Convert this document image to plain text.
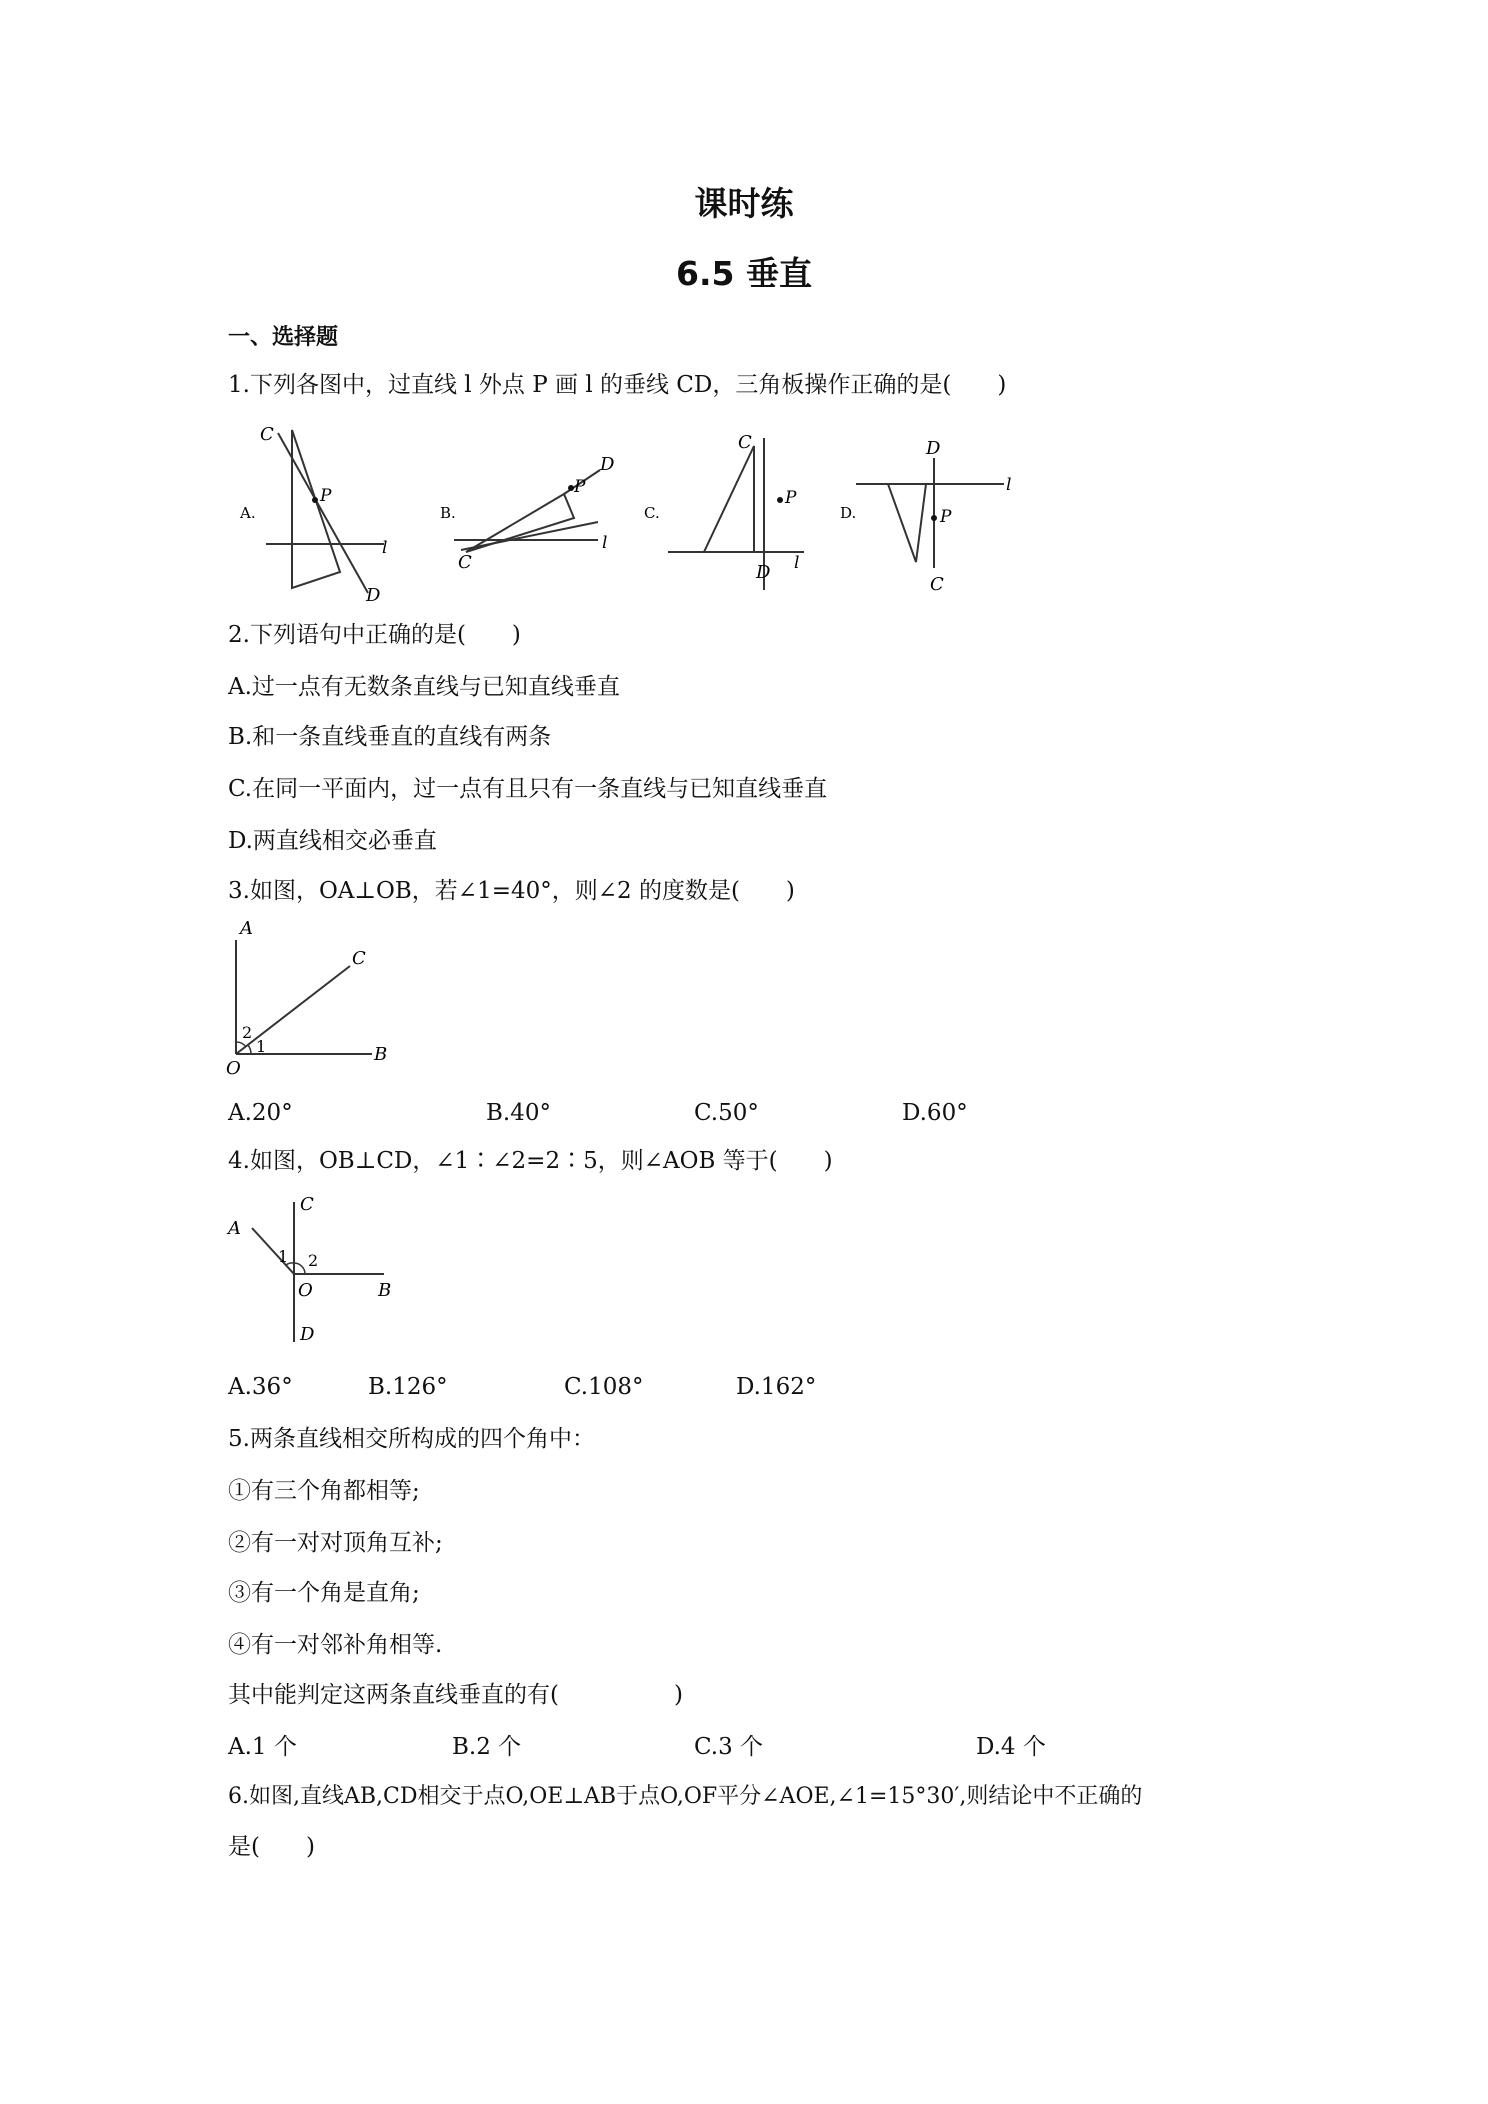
课时练
6.5 垂直
一、选择题
1.下列各图中，过直线 l 外点 P 画 l 的垂线 CD，三角板操作正确的是(　　)
A.
P
C
l
D
B.
P
D
C
l
C.
P
C
D l
D.	P
D
l
C
2.下列语句中正确的是(　　)
A.过一点有无数条直线与已知直线垂直
B.和一条直线垂直的直线有两条
C.在同一平面内，过一点有且只有一条直线与已知直线垂直
D.两直线相交必垂直
3.如图，OA⊥OB，若∠1=40°，则∠2 的度数是(　　)
A
C
O
B
2
1
A.20°	B.40°	C.50°	D.60°
4.如图，OB⊥CD，∠1∶∠2=2∶5，则∠AOB 等于(　　)
C
A
1 2
O	B
D
A.36°	B.126°	C.108°	D.162°
5.两条直线相交所构成的四个角中：
①有三个角都相等;
②有一对对顶角互补;
③有一个角是直角;
④有一对邻补角相等.
其中能判定这两条直线垂直的有(　　　　　)
A.1 个	B.2 个	C.3 个	D.4 个
6.如图,直线AB,CD相交于点O,OE⊥AB于点O,OF平分∠AOE,∠1=15°30′,则结论中不正确的
是(　　)
